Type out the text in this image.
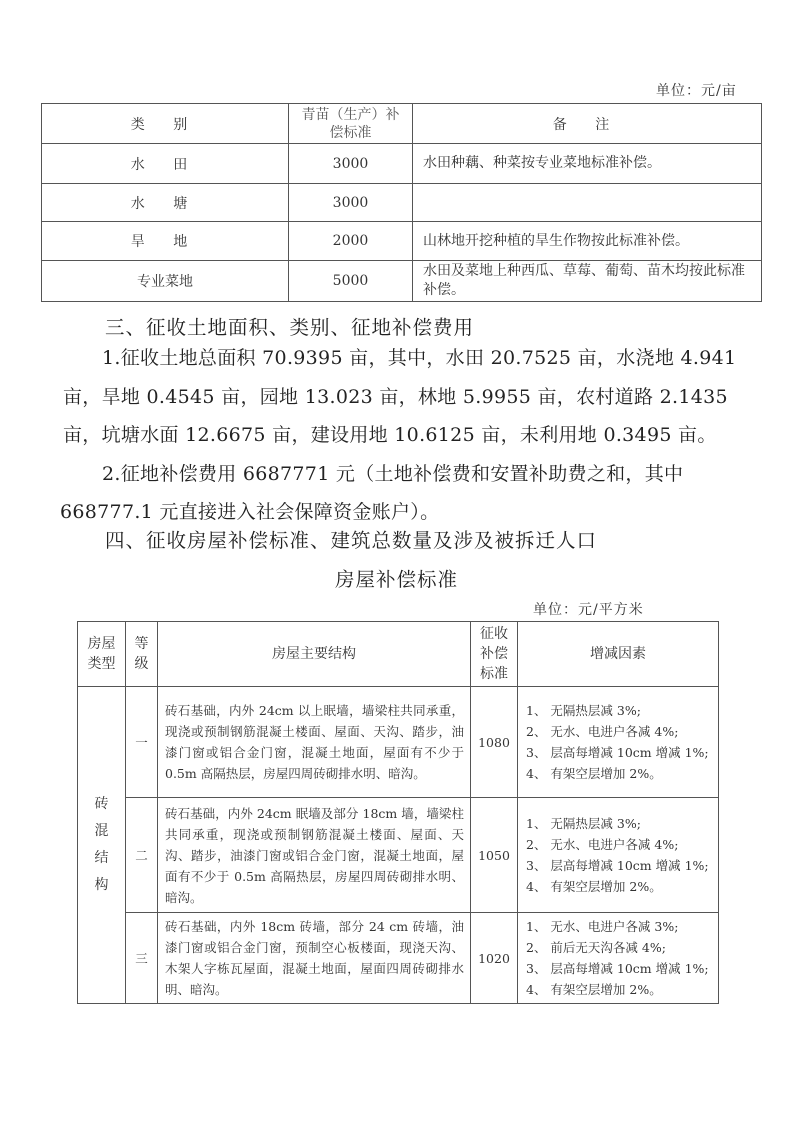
单位：元/亩
类 别	青苗（生产）补偿标准	备 注
水 田	3000	水田种藕、种菜按专业菜地标准补偿。
水 塘	3000	
旱 地	2000	山林地开挖种植的旱生作物按此标准补偿。
专业菜地	5000	水田及菜地上种西瓜、草莓、葡萄、苗木均按此标准补偿。
三、征收土地面积、类别、征地补偿费用
1.征收土地总面积 70.9395 亩，其中，水田 20.7525 亩，水浇地 4.941
亩，旱地 0.4545 亩，园地 13.023 亩，林地 5.9955 亩，农村道路 2.1435
亩，坑塘水面 12.6675 亩，建设用地 10.6125 亩，未利用地 0.3495 亩。
2.征地补偿费用 6687771 元（土地补偿费和安置补助费之和，其中
668777.1 元直接进入社会保障资金账户）。
四、征收房屋补偿标准、建筑总数量及涉及被拆迁人口
房屋补偿标准
单位：元/平方米
房屋类型	等级	房屋主要结构	征收补偿标准	增减因素
砖混结构	一	砖石基础，内外 24cm 以上眠墙，墙梁柱共同承重，现浇或预制钢筋混凝土楼面、屋面、天沟、踏步，油漆门窗或铝合金门窗，混凝土地面，屋面有不少于 0.5m 高隔热层，房屋四周砖砌排水明、暗沟。	1080	1、 无隔热层减 3%;
2、 无水、电进户各减 4%;
3、 层高每增减 10cm 增减 1%;
4、 有架空层增加 2%。

	二	砖石基础，内外 24cm 眠墙及部分 18cm 墙，墙梁柱共同承重，现浇或预制钢筋混凝土楼面、屋面、天沟、踏步，油漆门窗或铝合金门窗，混凝土地面，屋面有不少于 0.5m 高隔热层，房屋四周砖砌排水明、暗沟。	1050	1、 无隔热层减 3%;
2、 无水、电进户各减 4%;
3、 层高每增减 10cm 增减 1%;
4、 有架空层增加 2%。

	三	砖石基础，内外 18cm 砖墙，部分 24 cm 砖墙，油漆门窗或铝合金门窗，预制空心板楼面，现浇天沟、木架人字栋瓦屋面，混凝土地面，屋面四周砖砌排水明、暗沟。	1020	1、 无水、电进户各减 3%;
2、 前后无天沟各减 4%;
3、 层高每增减 10cm 增减 1%;
4、 有架空层增加 2%。
